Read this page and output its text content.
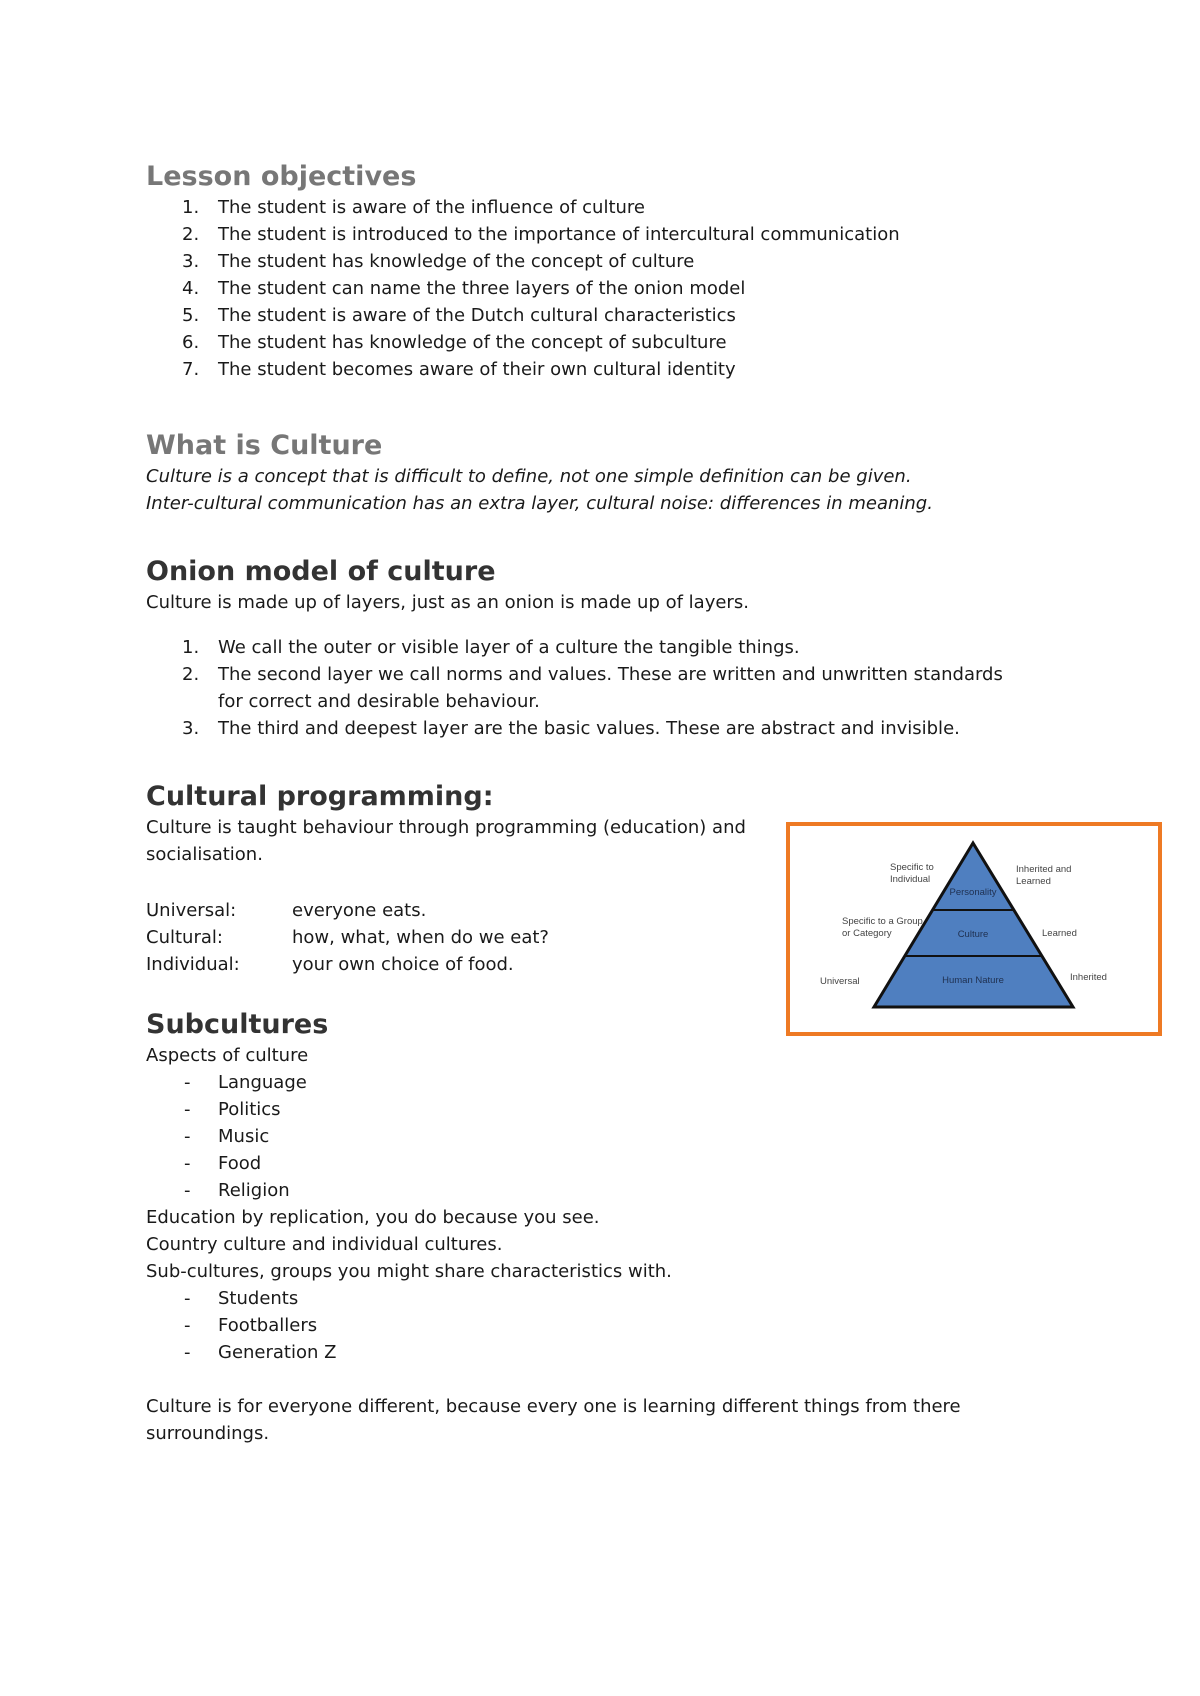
Lesson objectives
1. The student is aware of the influence of culture
2. The student is introduced to the importance of intercultural communication
3. The student has knowledge of the concept of culture
4. The student can name the three layers of the onion model
5. The student is aware of the Dutch cultural characteristics
6. The student has knowledge of the concept of subculture
7. The student becomes aware of their own cultural identity
What is Culture
Culture is a concept that is difficult to define, not one simple definition can be given.
Inter-cultural communication has an extra layer, cultural noise: differences in meaning.
Onion model of culture
Culture is made up of layers, just as an onion is made up of layers.
1. We call the outer or visible layer of a culture the tangible things.
2. The second layer we call norms and values. These are written and unwritten standards for correct and desirable behaviour.
3. The third and deepest layer are the basic values. These are abstract and invisible.
Cultural programming:
Culture is taught behaviour through programming (education) and socialisation.
Universal:	everyone eats.
Cultural:	how, what, when do we eat?
Individual:	your own choice of food.
Subcultures
Aspects of culture
- Language
- Politics
- Music
- Food
- Religion
Education by replication, you do because you see.
Country culture and individual cultures.
Sub-cultures, groups you might share characteristics with.
- Students
- Footballers
- Generation Z
Culture is for everyone different, because every one is learning different things from there surroundings.
Personality
Culture
Human Nature
Specific to Individual
Specific to a Group or Category
Universal
Inherited and Learned
Learned
Inherited
